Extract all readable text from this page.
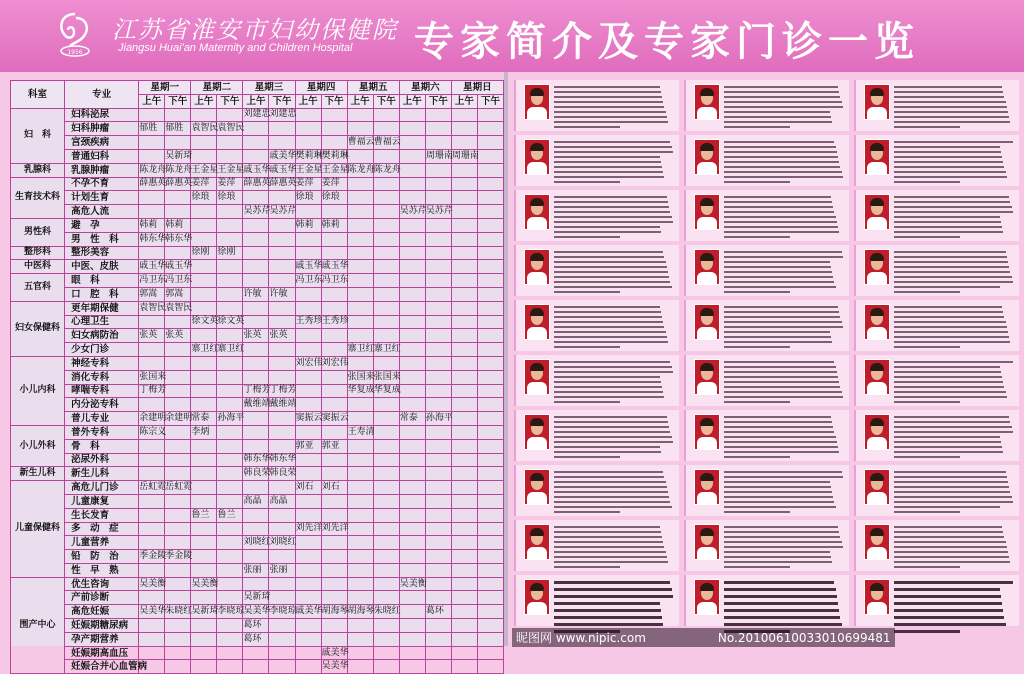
1956
江苏省淮安市妇幼保健院
Jiangsu Huai'an Maternity and Children Hospital 专家简介及专家门诊一览
科室	专业	星期一		星期二		星期三		星期四		星期五		星期六		星期日	
		上午	下午	上午	下午	上午	下午	上午	下午	上午	下午	上午	下午	上午	下午
妇　科	妇科泌尿					刘建忠	刘建忠								
	妇科肿瘤	郁胜	郁胜	袁智民	袁智民										
	宫颈疾病									曹福云	曹福云				
	普通妇科		吴新琦				戚美华	樊莉琳	樊莉琳				周珊南	周珊南	
乳腺科	乳腺肿瘤	陈龙舟	陈龙舟	王金星	王金星	戚玉华	戚玉华	王金星	王金星	陈龙舟	陈龙舟				
生育技术科	不孕不育	薛惠英	薛惠英	姜萍	姜萍	薛惠英	薛惠英	姜萍	姜萍						
	计划生育			徐琅	徐琅			徐琅	徐琅						
	高危人流					吴苏芹	吴苏芹					吴苏芹	吴苏芹		
男性科	避　孕	韩莉	韩莉					韩莉	韩莉						
	男　性　科	韩东华	韩东华												
整形科	整形美容			徐刚	徐刚										
中医科	中医、皮肤	戚玉华	戚玉华					戚玉华	戚玉华						
五官科	眼　科	冯卫东	冯卫东					冯卫东	冯卫东						
	口　腔　科	郭嵩	郭嵩			许敏	许敏								
妇女保健科	更年期保健	袁智民	袁智民												
	心理卫生			徐文英	徐文英			王秀珍	王秀珍						
	妇女病防治	张英	张英			张英	张英								
	少女门诊			寨卫红	寨卫红					寨卫红	寨卫红				
小儿内科	神经专科							刘宏伟	刘宏伟						
	消化专科	张国来								张国来	张国来				
	哮喘专科	丁梅芳				丁梅芳	丁梅芳			华复成	华复成				
	内分泌专科					戴维靖	戴维靖								
	普儿专业	余建明	余建明	常泰	孙海平			窦振云	窦振云			常泰	孙海平		
小儿外科	普外专科	陈宗义		李炳						王寿清					
	骨　科							郭亚	郭亚						
	泌尿外科					韩东华	韩东华								
新生儿科	新生儿科					韩良荣	韩良荣								
儿童保健科	高危儿门诊	岳虹霓	岳虹霓					刘石	刘石						
	儿童康复					高晶	高晶								
	生长发育			鲁兰	鲁兰										
	多　动　症							刘先洋	刘先洋						
	儿童营养					刘晓红	刘晓红								
	铅　防　治	季金陵	季金陵												
	性　早　熟					张丽	张丽								
围产中心	优生咨询	吴美衡		吴美衡								吴美衡			
	产前诊断					吴新琦									
	高危妊娠	吴美华	朱晓红	吴新琦	李晓琼	吴美华	李晓琼	戚美华	胡海琴	胡海琴	朱晓红		葛环		
	妊娠期糖尿病					葛环									
	孕产期营养					葛环									
	妊娠期高血压								戚美华						
	妊娠合并心血管病								吴美华						
昵图网 www.nipic.com　　　　　　No.20100610033010699481
